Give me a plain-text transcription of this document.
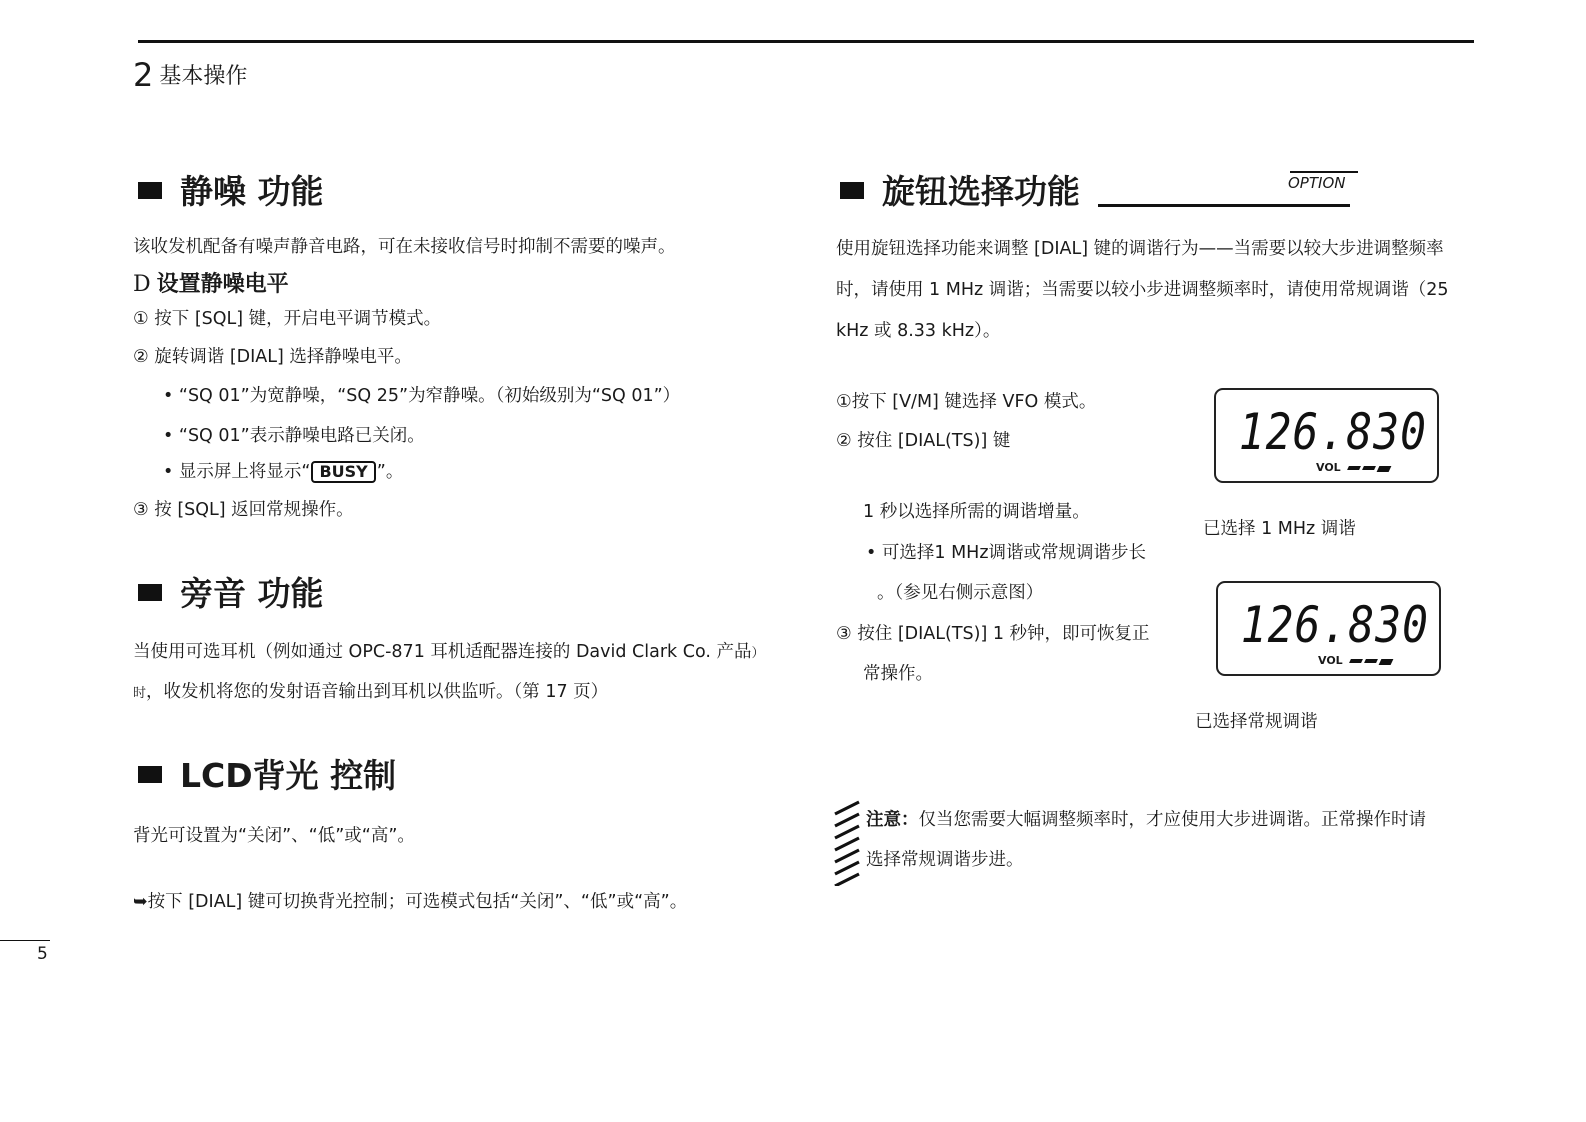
2 基本操作
静噪 功能
该收发机配备有噪声静音电路，可在未接收信号时抑制不需要的噪声。
D 设置静噪电平
① 按下 [SQL] 键，开启电平调节模式。
② 旋转调谐 [DIAL] 选择静噪电平。
• “SQ 01”为宽静噪，“SQ 25”为窄静噪。（初始级别为“SQ 01”）
• “SQ 01”表示静噪电路已关闭。
• 显示屏上将显示“ BUSY ”。
③ 按 [SQL] 返回常规操作。
旁音 功能
当使用可选耳机（例如通过 OPC-871 耳机适配器连接的 David Clark Co. 产品）
时，收发机将您的发射语音输出到耳机以供监听。（第 17 页）
LCD背光 控制
背光可设置为“关闭”、“低”或“高”。
➥按下 [DIAL] 键可切换背光控制；可选模式包括“关闭”、“低”或“高”。
旋钮选择功能	OPTION
使用旋钮选择功能来调整 [DIAL] 键的调谐行为——当需要以较大步进调整频率
时，请使用 1 MHz 调谐；当需要以较小步进调整频率时，请使用常规调谐（25
kHz 或 8.33 kHz）。
①按下 [V/M] 键选择 VFO 模式。
② 按住 [DIAL(TS)] 键
1 秒以选择所需的调谐增量。
• 可选择1 MHz调谐或常规调谐步长
。（参见右侧示意图）
③ 按住 [DIAL(TS)] 1 秒钟，即可恢复正
常操作。
126.830
VOL
已选择 1 MHz 调谐
126.830
VOL
已选择常规调谐
注意：仅当您需要大幅调整频率时，才应使用大步进调谐。正常操作时请
选择常规调谐步进。
5
